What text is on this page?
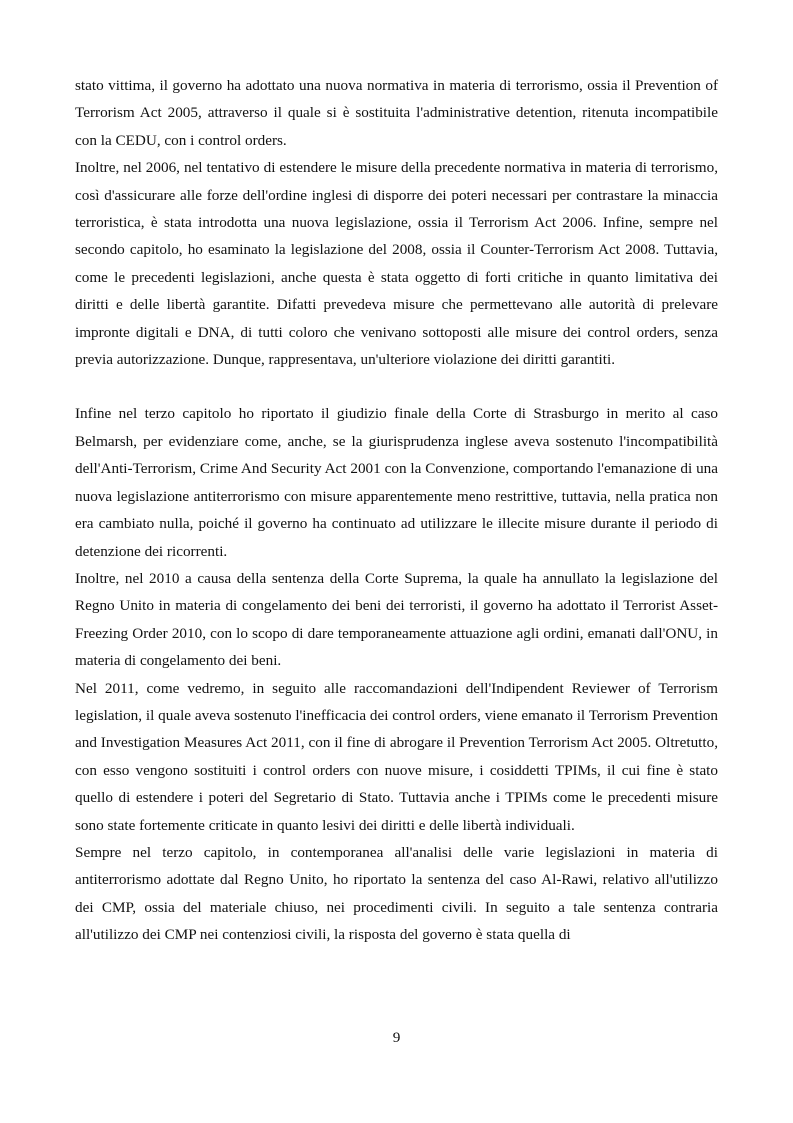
stato vittima, il governo ha adottato una nuova normativa in materia di terrorismo, ossia il Prevention of Terrorism Act 2005, attraverso il quale si è sostituita l'administrative detention, ritenuta incompatibile con la CEDU, con i control orders.

Inoltre, nel 2006, nel tentativo di estendere le misure della precedente normativa in materia di terrorismo, così d'assicurare alle forze dell'ordine inglesi di disporre dei poteri necessari per contrastare la minaccia terroristica, è stata introdotta una nuova legislazione, ossia il Terrorism Act 2006. Infine, sempre nel secondo capitolo, ho esaminato la legislazione del 2008, ossia il Counter-Terrorism Act 2008. Tuttavia, come le precedenti legislazioni, anche questa è stata oggetto di forti critiche in quanto limitativa dei diritti e delle libertà garantite. Difatti prevedeva misure che permettevano alle autorità di prelevare impronte digitali e DNA, di tutti coloro che venivano sottoposti alle misure dei control orders, senza previa autorizzazione. Dunque, rappresentava, un'ulteriore violazione dei diritti garantiti.

Infine nel terzo capitolo ho riportato il giudizio finale della Corte di Strasburgo in merito al caso Belmarsh, per evidenziare come, anche, se la giurisprudenza inglese aveva sostenuto l'incompatibilità dell'Anti-Terrorism, Crime And Security Act 2001 con la Convenzione, comportando l'emanazione di una nuova legislazione antiterrorismo con misure apparentemente meno restrittive, tuttavia, nella pratica non era cambiato nulla, poiché il governo ha continuato ad utilizzare le illecite misure durante il periodo di detenzione dei ricorrenti.

Inoltre, nel 2010 a causa della sentenza della Corte Suprema, la quale ha annullato la legislazione del Regno Unito in materia di congelamento dei beni dei terroristi, il governo ha adottato il Terrorist Asset-Freezing Order 2010, con lo scopo di dare temporaneamente attuazione agli ordini, emanati dall'ONU, in materia di congelamento dei beni.

Nel 2011, come vedremo, in seguito alle raccomandazioni dell'Indipendent Reviewer of Terrorism legislation, il quale aveva sostenuto l'inefficacia dei control orders, viene emanato il Terrorism Prevention and Investigation Measures Act 2011, con il fine di abrogare il Prevention Terrorism Act 2005. Oltretutto, con esso vengono sostituiti i control orders con nuove misure, i cosiddetti TPIMs, il cui fine è stato quello di estendere i poteri del Segretario di Stato. Tuttavia anche i TPIMs come le precedenti misure sono state fortemente criticate in quanto lesivi dei diritti e delle libertà individuali.

Sempre nel terzo capitolo, in contemporanea all'analisi delle varie legislazioni in materia di antiterrorismo adottate dal Regno Unito, ho riportato la sentenza del caso Al-Rawi, relativo all'utilizzo dei CMP, ossia del materiale chiuso, nei procedimenti civili. In seguito a tale sentenza contraria all'utilizzo dei CMP nei contenziosi civili, la risposta del governo è stata quella di

9
